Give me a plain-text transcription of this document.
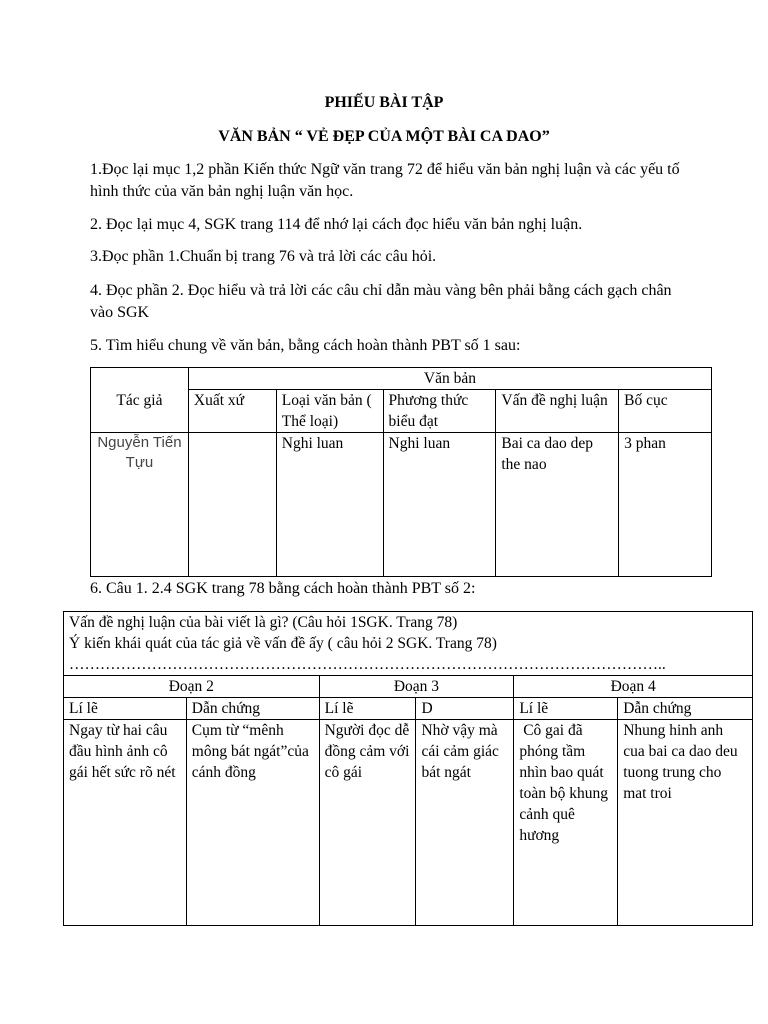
PHIẾU BÀI TẬP
VĂN BẢN “ VẺ ĐẸP CỦA MỘT BÀI CA DAO”
1.Đọc lại mục 1,2 phần Kiến thức Ngữ văn trang 72 để hiểu văn bản nghị luận và các yếu tố hình thức của văn bản nghị luận văn học.
2. Đọc lại mục 4, SGK trang 114 để nhớ lại cách đọc hiểu văn bản nghị luận.
3.Đọc phần 1.Chuẩn bị trang 76 và trả lời các câu hỏi.
4. Đọc phần 2. Đọc hiểu và trả lời các câu chỉ dẫn màu vàng bên phải bằng cách gạch chân vào SGK
5. Tìm hiểu chung về văn bản, bằng cách hoàn thành PBT số 1 sau:
Tác giả	Văn bản				
	Xuất xứ	Loại văn bản ( Thể loại)	Phương thức biểu đạt	Vấn đề nghị luận	Bố cục

Nguyễn Tiến Tựu		Nghi luan	Nghi luan	Bai ca dao dep the nao	3 phan
6. Câu 1. 2.4 SGK trang 78 bằng cách hoàn thành PBT số 2:
Vấn đề nghị luận của bài viết là gì? (Câu hỏi 1SGK. Trang 78)
Ý kiến khái quát của tác giả về vấn đề ấy ( câu hỏi 2 SGK. Trang 78)
……………………………………………………………………………………………………..					

Đoạn 2		Đoạn 3		Đoạn 4	
Lí lẽ	Dẫn chứng	Lí lẽ	D	Lí lẽ	Dẫn chứng
Ngay từ hai câu đầu hình ảnh cô gái hết sức rõ nét	Cụm từ “mênh mông bát ngát”của cánh đồng	Người đọc dễ đồng cảm với cô gái	Nhờ vậy mà cái cảm giác bát ngát	Cô gai đã phóng tầm nhìn bao quát toàn bộ khung cảnh quê hương	Nhung hinh anh cua bai ca dao deu tuong trung cho mat troi
